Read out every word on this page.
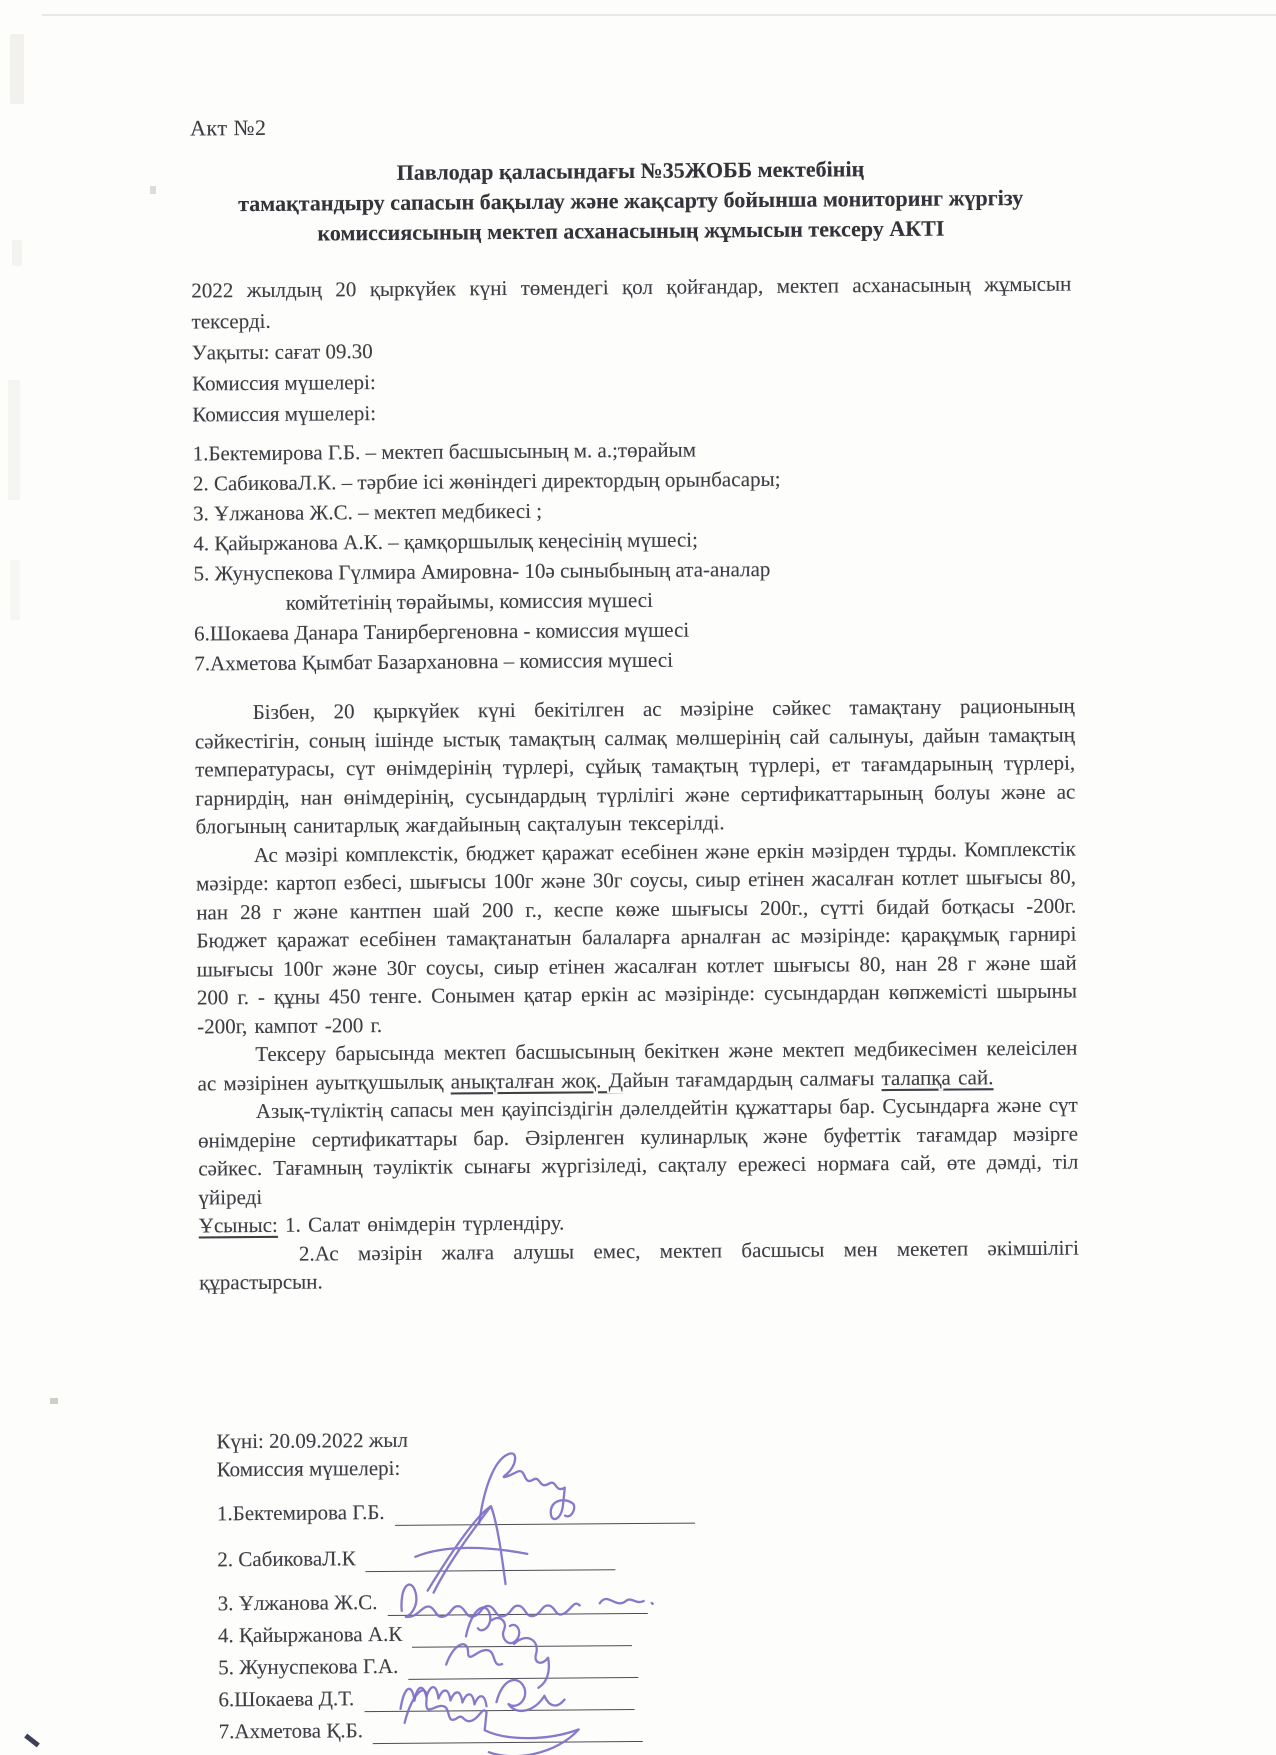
Акт №2
Павлодар қаласындағы №35ЖОББ мектебінің
тамақтандыру сапасын бақылау және жақсарту бойынша мониторинг жүргізу
комиссиясының мектеп асханасының жұмысын тексеру АКТІ
2022 жылдың 20 қыркүйек күні төмендегі қол қойғандар, мектеп асханасының жұмысын тексерді.
Уақыты: сағат 09.30
Комиссия мүшелері:
Комиссия мүшелері:
1.Бектемирова Г.Б. – мектеп басшысының м. а.;төрайым
2. СабиковаЛ.К. – тәрбие ісі жөніндегі директордың орынбасары;
3. Ұлжанова Ж.С. – мектеп медбикесі ;
4. Қайыржанова А.К. – қамқоршылық кеңесінің мүшесі;
5. Жунуспекова Гүлмира Амировна- 10ә сыныбының ата-аналар
комйтетінің төрайымы, комиссия мүшесі
6.Шокаева Данара Танирбергеновна - комиссия мүшесі
7.Ахметова Қымбат Базархановна – комиссия мүшесі

Бізбен, 20 қыркүйек күні бекітілген ас мәзіріне сәйкес тамақтану рационының сәйкестігін, соның ішінде ыстық тамақтың салмақ мөлшерінің сай салынуы, дайын тамақтың температурасы, сүт өнімдерінің түрлері, сұйық тамақтың түрлері, ет тағамдарының түрлері, гарнирдің, нан өнімдерінің, сусындардың түрлілігі және сертификаттарының болуы және ас блогының санитарлық жағдайының сақталуын тексерілді.

Ас мәзірі комплекстік, бюджет қаражат есебінен және еркін мәзірден тұрды. Комплекстік мәзірде: картоп езбесі, шығысы 100г және 30г соусы, сиыр етінен жасалған котлет шығысы 80, нан 28 г және кантпен шай 200 г., кеспе көже шығысы 200г., сүтті бидай ботқасы -200г. Бюджет қаражат есебінен тамақтанатын балаларға арналған ас мәзірінде: қарақұмық гарнирі шығысы 100г және 30г соусы, сиыр етінен жасалған котлет шығысы 80, нан 28 г және шай 200 г. - құны 450 тенге. Сонымен қатар еркін ас мәзірінде: сусындардан көпжемісті шырыны -200г, кампот -200 г.

Тексеру барысында мектеп басшысының бекіткен және мектеп медбикесімен келеісілен ас мәзірінен ауытқушылық анықталған жоқ. Дайын тағамдардың салмағы талапқа сай.

Азық-түліктің сапасы мен қауіпсіздігін дәлелдейтін құжаттары бар. Сусындарға және сүт өнімдеріне сертификаттары бар. Әзірленген кулинарлық және буфеттік тағамдар мәзірге сәйкес. Тағамның тәуліктік сынағы жүргізіледі, сақталу ережесі нормаға сай, өте дәмді, тіл үйіреді

Ұсыныс: 1. Салат өнімдерін түрлендіру.

2.Ас мәзірін жалға алушы емес, мектеп басшысы мен мекетеп әкімшілігі құрастырсын.

Күні: 20.09.2022 жыл
Комиссия мүшелері:
1.Бектемирова Г.Б.
2. СабиковаЛ.К
3. Ұлжанова Ж.С.
4. Қайыржанова А.К
5. Жунуспекова Г.А.
6.Шокаева Д.Т.
7.Ахметова Қ.Б.
